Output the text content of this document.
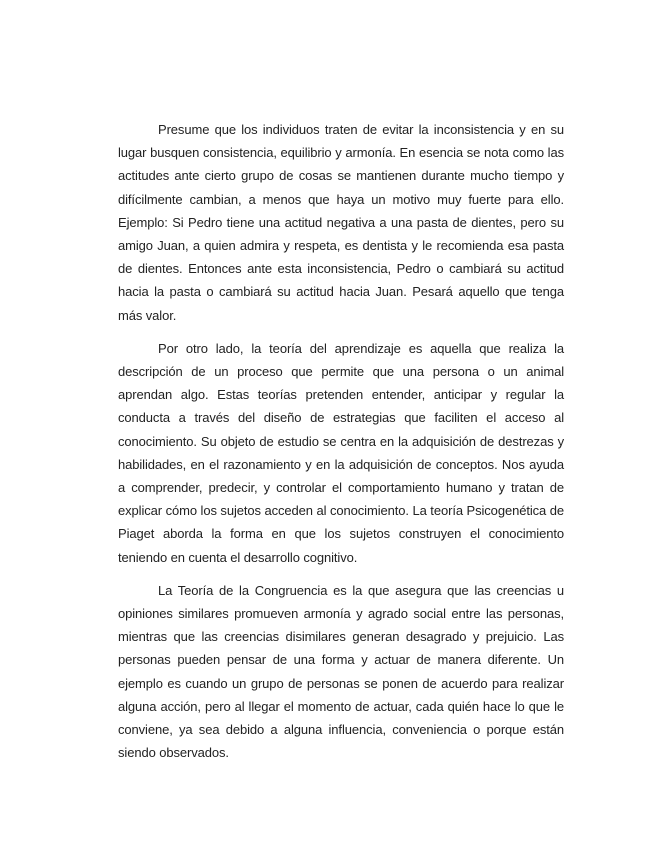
Presume que los individuos traten de evitar la inconsistencia y en su lugar busquen consistencia, equilibrio y armonía. En esencia se nota como las actitudes ante cierto grupo de cosas se mantienen durante mucho tiempo y difícilmente cambian, a menos que haya un motivo muy fuerte para ello. Ejemplo: Si Pedro tiene una actitud negativa a una pasta de dientes, pero su amigo Juan, a quien admira y respeta, es dentista y le recomienda esa pasta de dientes. Entonces ante esta inconsistencia, Pedro o cambiará su actitud hacia la pasta o cambiará su actitud hacia Juan. Pesará aquello que tenga más valor.

Por otro lado, la teoría del aprendizaje es aquella que realiza la descripción de un proceso que permite que una persona o un animal aprendan algo. Estas teorías pretenden entender, anticipar y regular la conducta a través del diseño de estrategias que faciliten el acceso al conocimiento. Su objeto de estudio se centra en la adquisición de destrezas y habilidades, en el razonamiento y en la adquisición de conceptos. Nos ayuda a comprender, predecir, y controlar el comportamiento humano y tratan de explicar cómo los sujetos acceden al conocimiento. La teoría Psicogenética de Piaget aborda la forma en que los sujetos construyen el conocimiento teniendo en cuenta el desarrollo cognitivo.

La Teoría de la Congruencia es la que asegura que las creencias u opiniones similares promueven armonía y agrado social entre las personas, mientras que las creencias disimilares generan desagrado y prejuicio. Las personas pueden pensar de una forma y actuar de manera diferente. Un ejemplo es cuando un grupo de personas se ponen de acuerdo para realizar alguna acción, pero al llegar el momento de actuar, cada quién hace lo que le conviene, ya sea debido a alguna influencia, conveniencia o porque están siendo observados.
